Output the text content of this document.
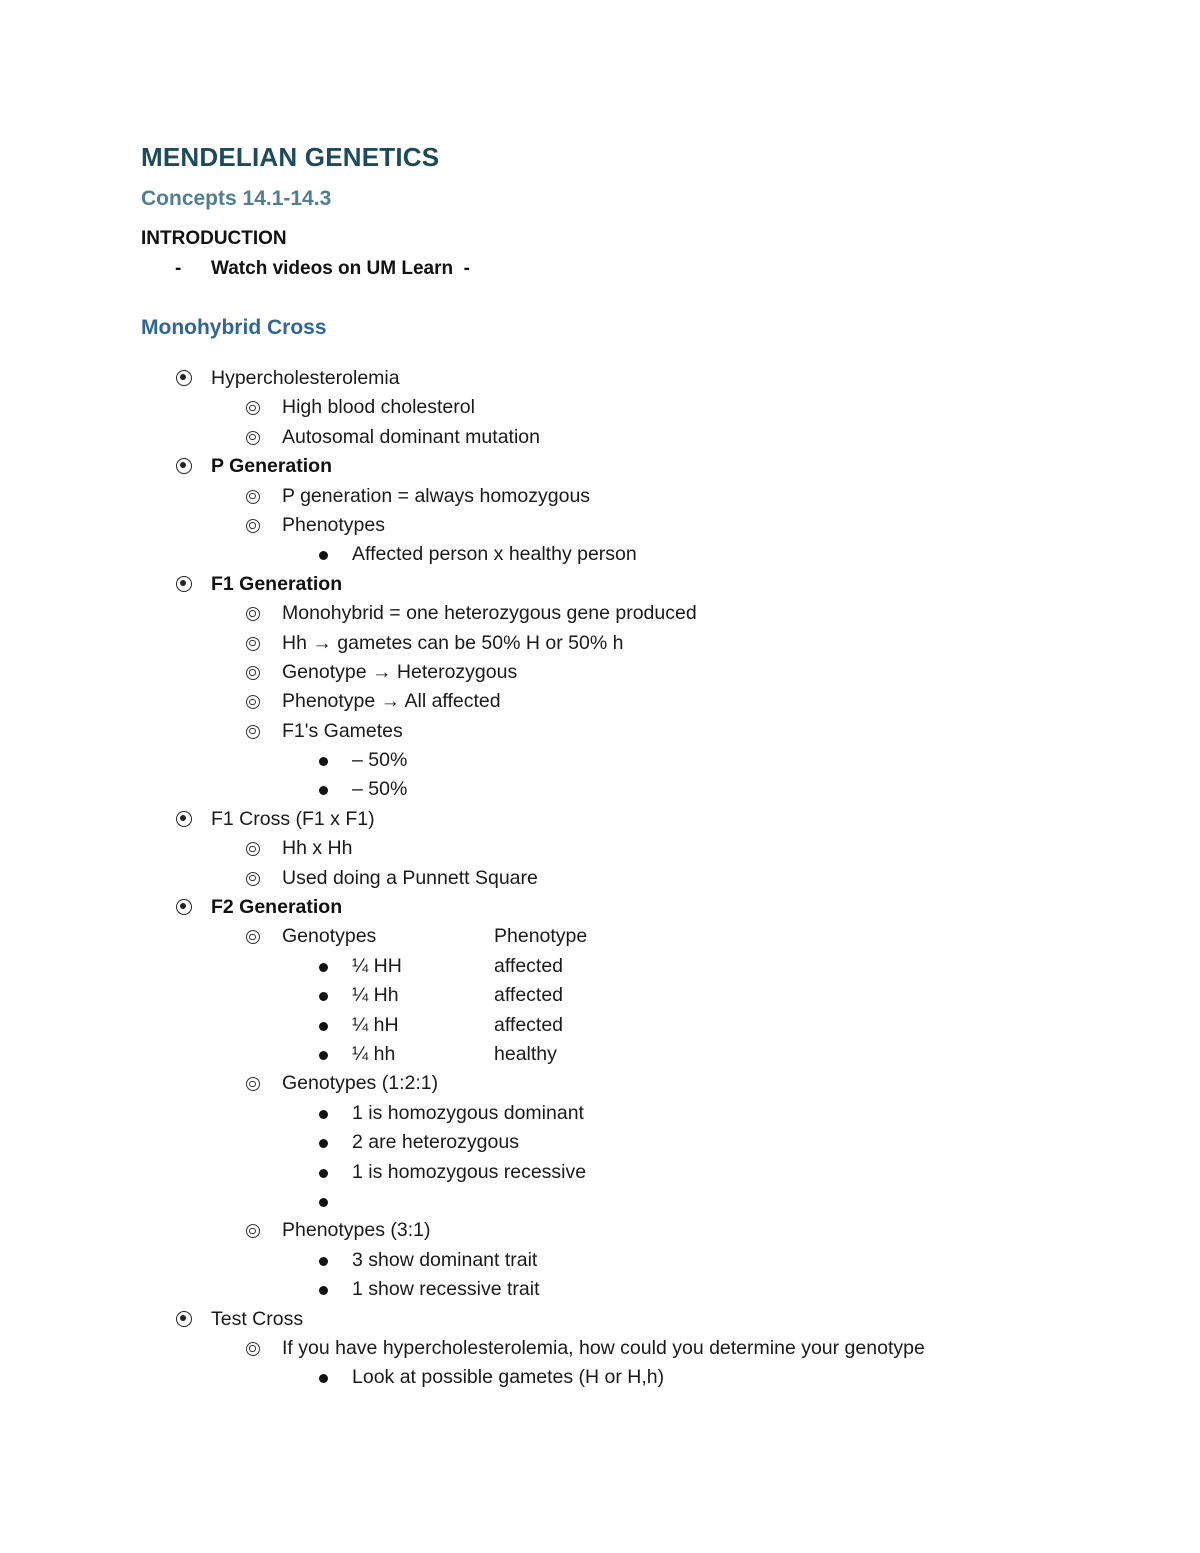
MENDELIAN GENETICS
Concepts 14.1-14.3
INTRODUCTION
- Watch videos on UM Learn -
Monohybrid Cross
Hypercholesterolemia
High blood cholesterol
Autosomal dominant mutation
P Generation
P generation = always homozygous
Phenotypes
Affected person x healthy person
F1 Generation
Monohybrid = one heterozygous gene produced
Hh → gametes can be 50% H or 50% h
Genotype → Heterozygous
Phenotype → All affected
F1's Gametes
– 50%
– 50%
F1 Cross (F1 x F1)
Hh x Hh
Used doing a Punnett Square
F2 Generation
Genotypes	Phenotype
¼ HH	affected
¼ Hh	affected
¼ hH	affected
¼ hh	healthy
Genotypes (1:2:1)
1 is homozygous dominant
2 are heterozygous
1 is homozygous recessive
Phenotypes (3:1)
3 show dominant trait
1 show recessive trait
Test Cross
If you have hypercholesterolemia, how could you determine your genotype
Look at possible gametes (H or H,h)
